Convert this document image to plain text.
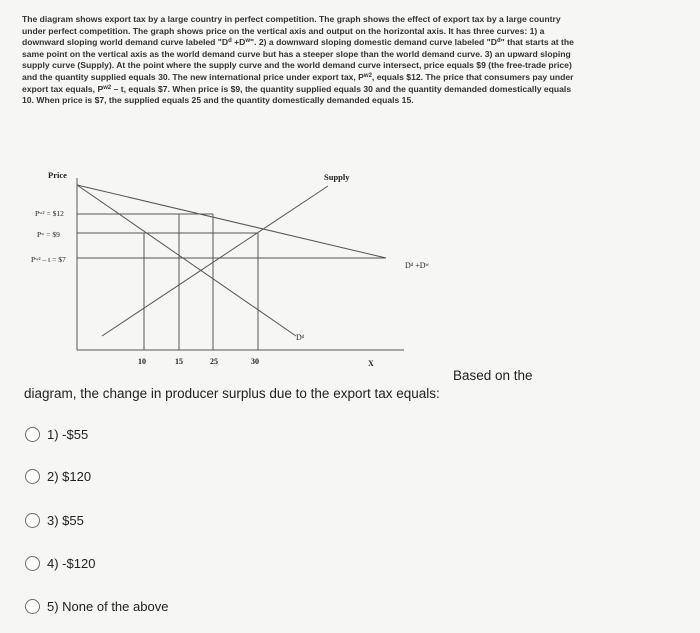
The diagram shows export tax by a large country in perfect competition. The graph shows the effect of export tax by a large country under perfect competition. The graph shows price on the vertical axis and output on the horizontal axis. It has three curves: 1) a downward sloping world demand curve labeled "$D^d +D^w$". 2) a downward sloping domestic demand curve labeled "$D^d$" that starts at the same point on the vertical axis as the world demand curve but has a steeper slope than the world demand curve. 3) an upward sloping supply curve (Supply). At the point where the supply curve and the world demand curve intersect, price equals $9 (the free-trade price) and the quantity supplied equals 30. The new international price under export tax, $P^{w2}$, equals $12. The price that consumers pay under export tax equals, $P^{w2}$ – t, equals $7. When price is $9, the quantity supplied equals 30 and the quantity demanded domestically equals 10. When price is $7, the supplied equals 25 and the quantity domestically demanded equals 15.

Price
Pʷ² = $12
Pʷ = $9
Pʷ² – t = $7
10	15	25	30	X
Supply
Dᵈ
Dᵈ +Dʷ
Based on the
diagram, the change in producer surplus due to the export tax equals:
1) -$55
2) $120
3) $55
4) -$120
5) None of the above
